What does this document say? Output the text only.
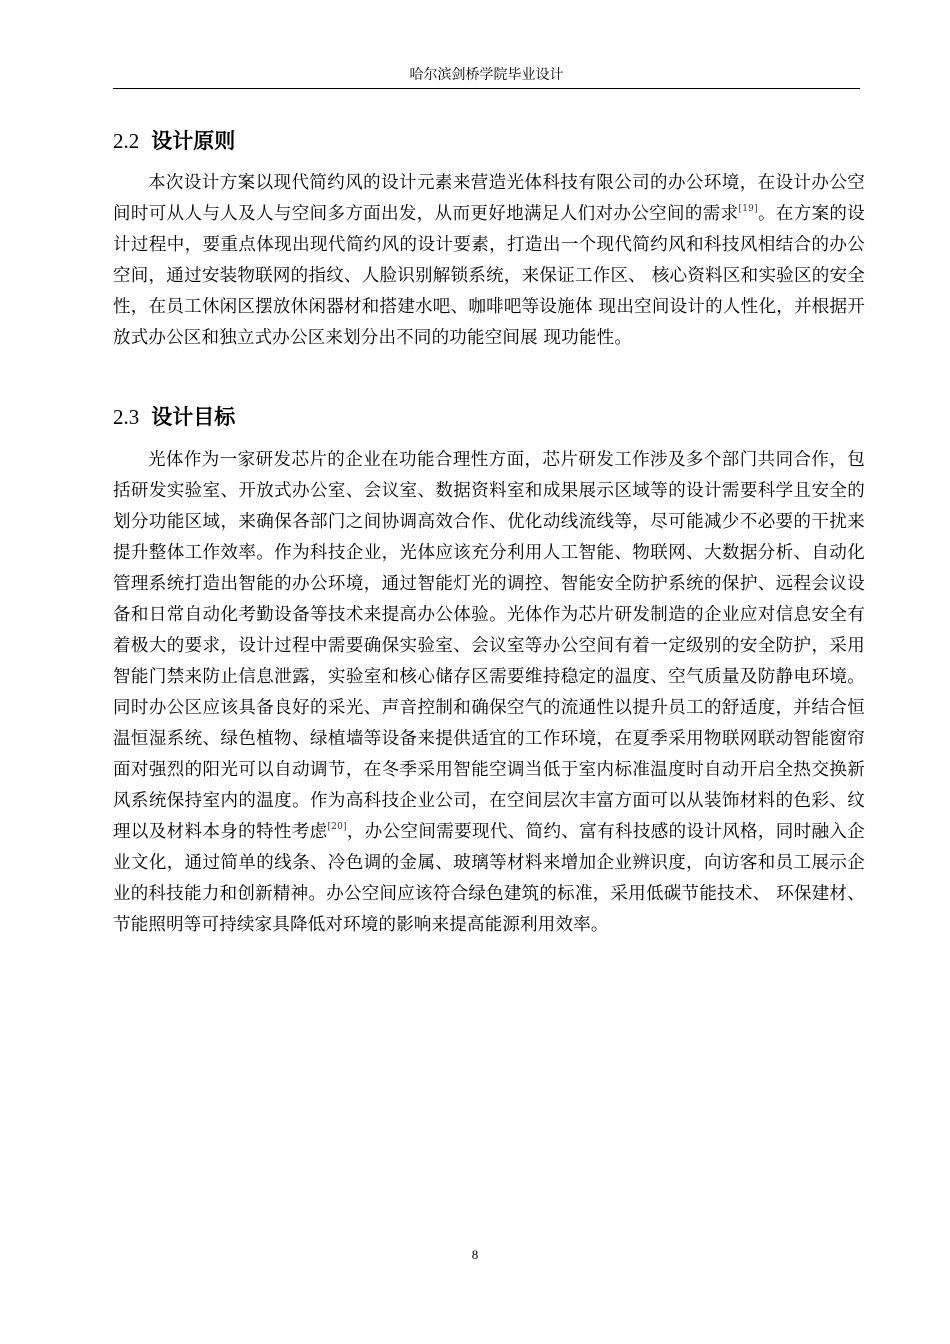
哈尔滨剑桥学院毕业设计
2.2 设计原则

本次设计方案以现代简约风的设计元素来营造光体科技有限公司的办公环境，在设计办公空间时可从人与人及人与空间多方面出发，从而更好地满足人们对办公空间的需求[19]。在方案的设计过程中，要重点体现出现代简约风的设计要素，打造出一个现代简约风和科技风相结合的办公空间，通过安装物联网的指纹、人脸识别解锁系统，来保证工作区、 核心资料区和实验区的安全性，在员工休闲区摆放休闲器材和搭建水吧、咖啡吧等设施体 现出空间设计的人性化，并根据开放式办公区和独立式办公区来划分出不同的功能空间展 现功能性。

2.3 设计目标

光体作为一家研发芯片的企业在功能合理性方面，芯片研发工作涉及多个部门共同合作，包括研发实验室、开放式办公室、会议室、数据资料室和成果展示区域等的设计需要科学且安全的划分功能区域，来确保各部门之间协调高效合作、优化动线流线等，尽可能减少不必要的干扰来提升整体工作效率。作为科技企业，光体应该充分利用人工智能、物联网、大数据分析、自动化管理系统打造出智能的办公环境，通过智能灯光的调控、智能安全防护系统的保护、远程会议设备和日常自动化考勤设备等技术来提高办公体验。光体作为芯片研发制造的企业应对信息安全有着极大的要求，设计过程中需要确保实验室、会议室等办公空间有着一定级别的安全防护，采用智能门禁来防止信息泄露，实验室和核心储存区需要维持稳定的温度、空气质量及防静电环境。同时办公区应该具备良好的采光、声音控制和确保空气的流通性以提升员工的舒适度，并结合恒温恒湿系统、绿色植物、绿植墙等设备来提供适宜的工作环境，在夏季采用物联网联动智能窗帘面对强烈的阳光可以自动调节，在冬季采用智能空调当低于室内标准温度时自动开启全热交换新风系统保持室内的温度。作为高科技企业公司，在空间层次丰富方面可以从装饰材料的色彩、纹理以及材料本身的特性考虑[20]，办公空间需要现代、简约、富有科技感的设计风格，同时融入企业文化，通过简单的线条、冷色调的金属、玻璃等材料来增加企业辨识度，向访客和员工展示企业的科技能力和创新精神。办公空间应该符合绿色建筑的标准，采用低碳节能技术、 环保建材、节能照明等可持续家具降低对环境的影响来提高能源利用效率。

8
